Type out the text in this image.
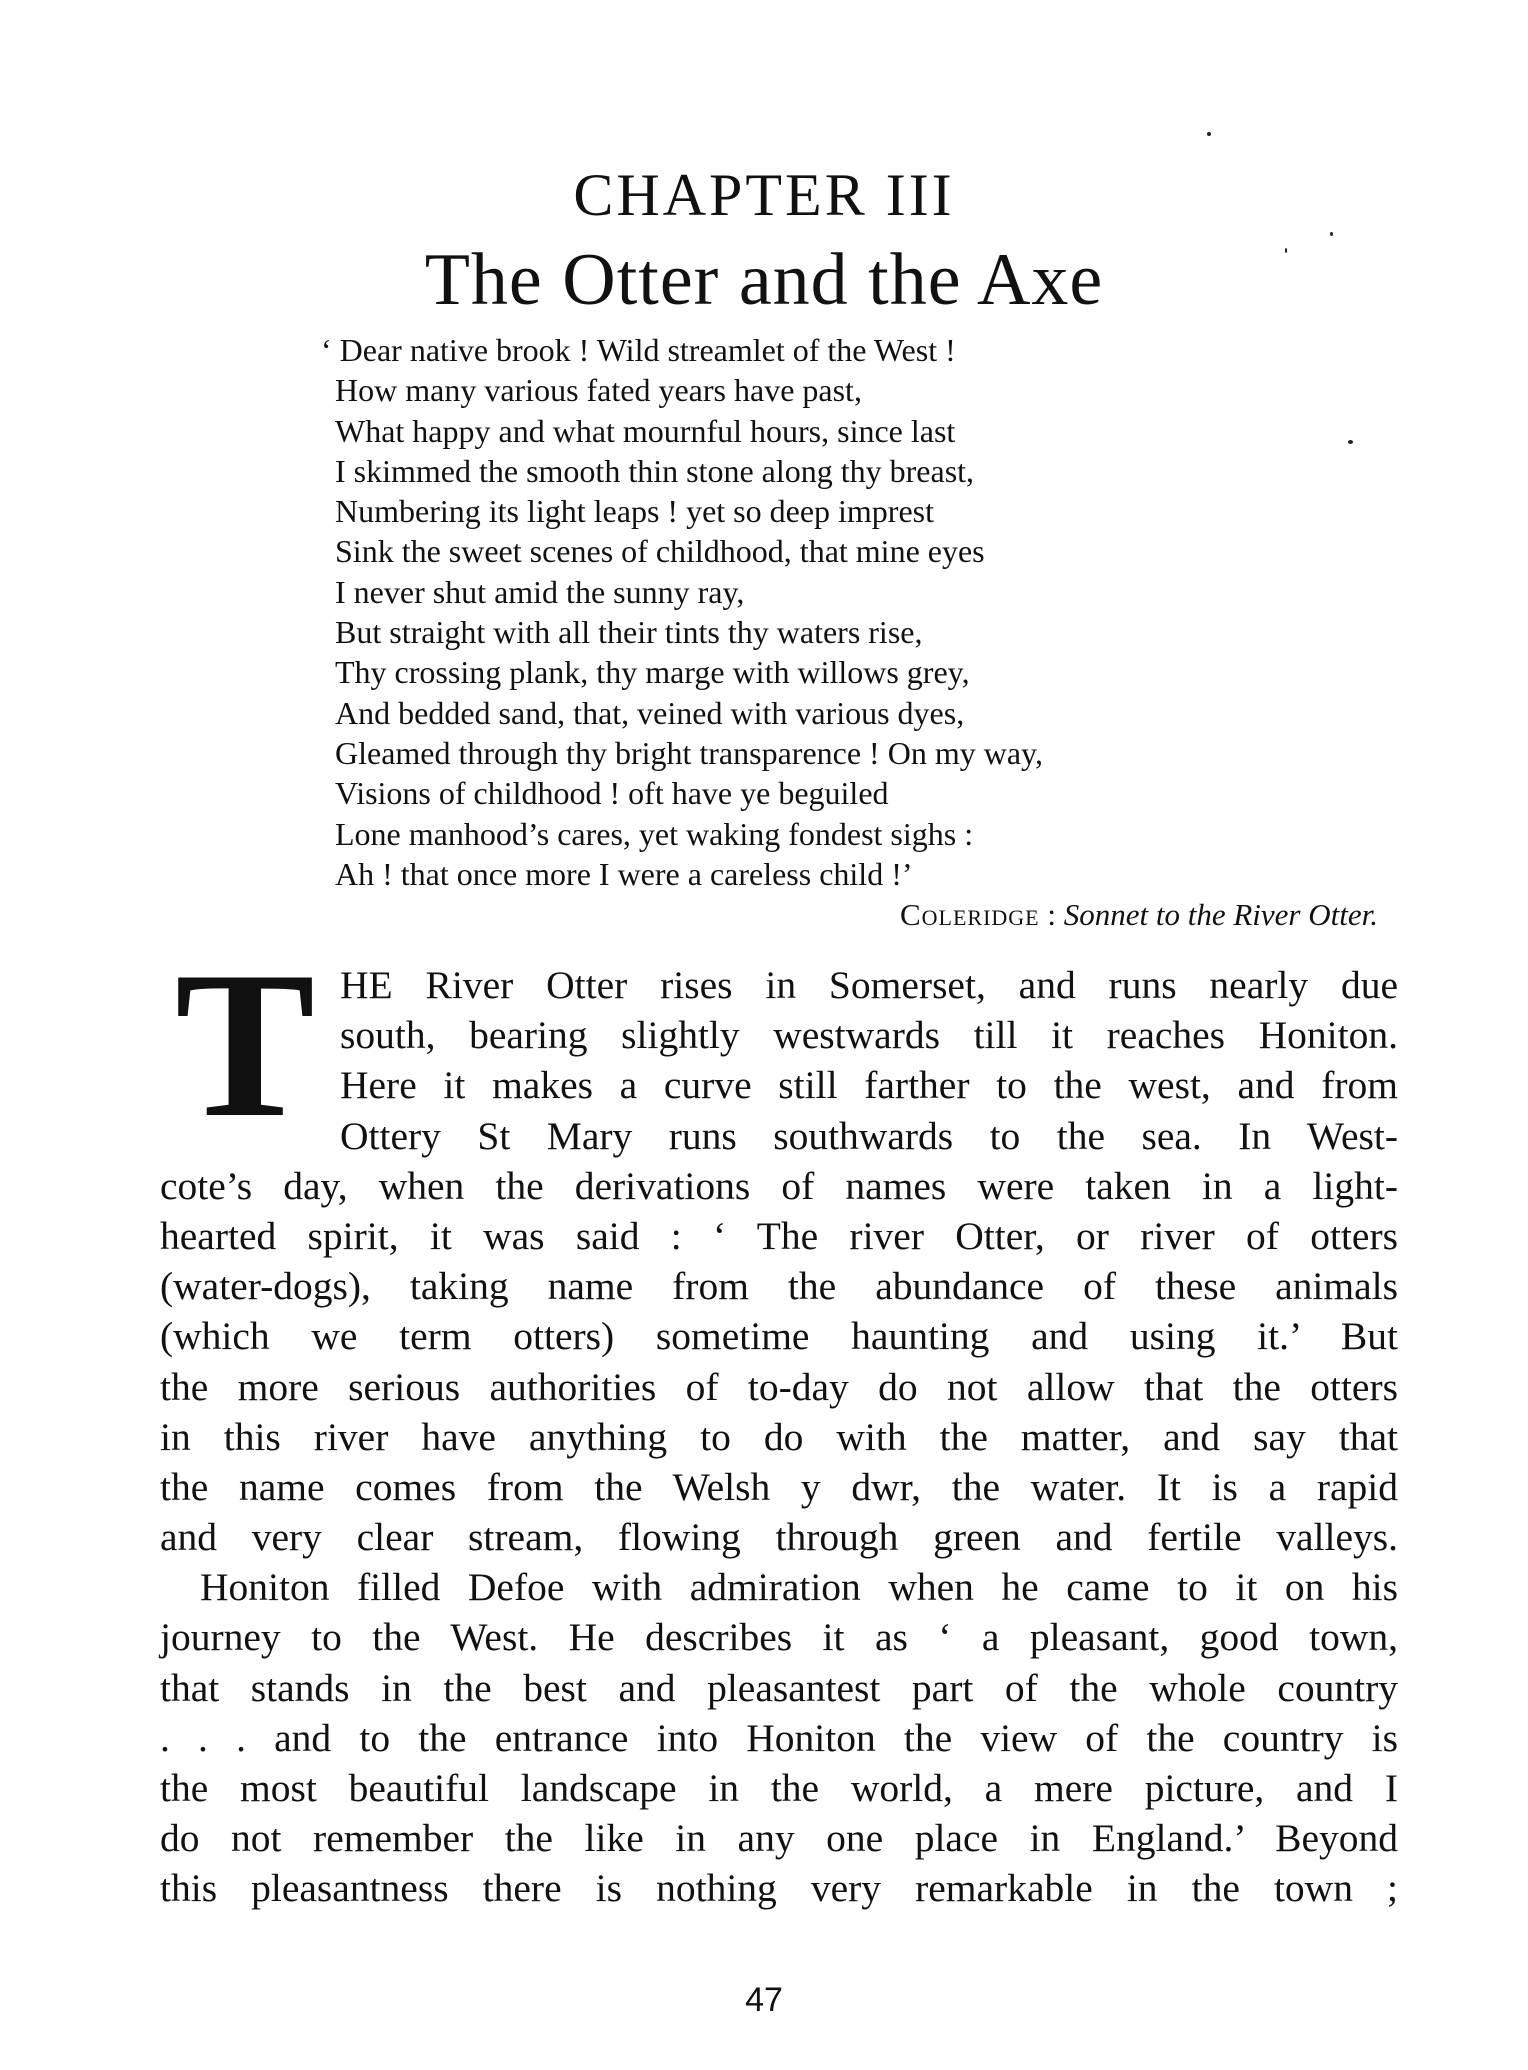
CHAPTER III
The Otter and the Axe
‘ Dear native brook ! Wild streamlet of the West !
How many various fated years have past,
What happy and what mournful hours, since last
I skimmed the smooth thin stone along thy breast,
Numbering its light leaps ! yet so deep imprest
Sink the sweet scenes of childhood, that mine eyes
I never shut amid the sunny ray,
But straight with all their tints thy waters rise,
Thy crossing plank, thy marge with willows grey,
And bedded sand, that, veined with various dyes,
Gleamed through thy bright transparence ! On my way,
Visions of childhood ! oft have ye beguiled
Lone manhood’s cares, yet waking fondest sighs :
Ah ! that once more I were a careless child !’
Coleridge : Sonnet to the River Otter.
T HE River Otter rises in Somerset, and runs nearly due
south, bearing slightly westwards till it reaches Honiton.
Here it makes a curve still farther to the west, and from
Ottery St Mary runs southwards to the sea. In West-
cote’s day, when the derivations of names were taken in a light-
hearted spirit, it was said : ‘ The river Otter, or river of otters
(water-dogs), taking name from the abundance of these animals
(which we term otters) sometime haunting and using it.’ But
the more serious authorities of to-day do not allow that the otters
in this river have anything to do with the matter, and say that
the name comes from the Welsh y dwr, the water. It is a rapid
and very clear stream, flowing through green and fertile valleys.
Honiton filled Defoe with admiration when he came to it on his
journey to the West. He describes it as ‘ a pleasant, good town,
that stands in the best and pleasantest part of the whole country
. . . and to the entrance into Honiton the view of the country is
the most beautiful landscape in the world, a mere picture, and I
do not remember the like in any one place in England.’ Beyond
this pleasantness there is nothing very remarkable in the town ;
47
